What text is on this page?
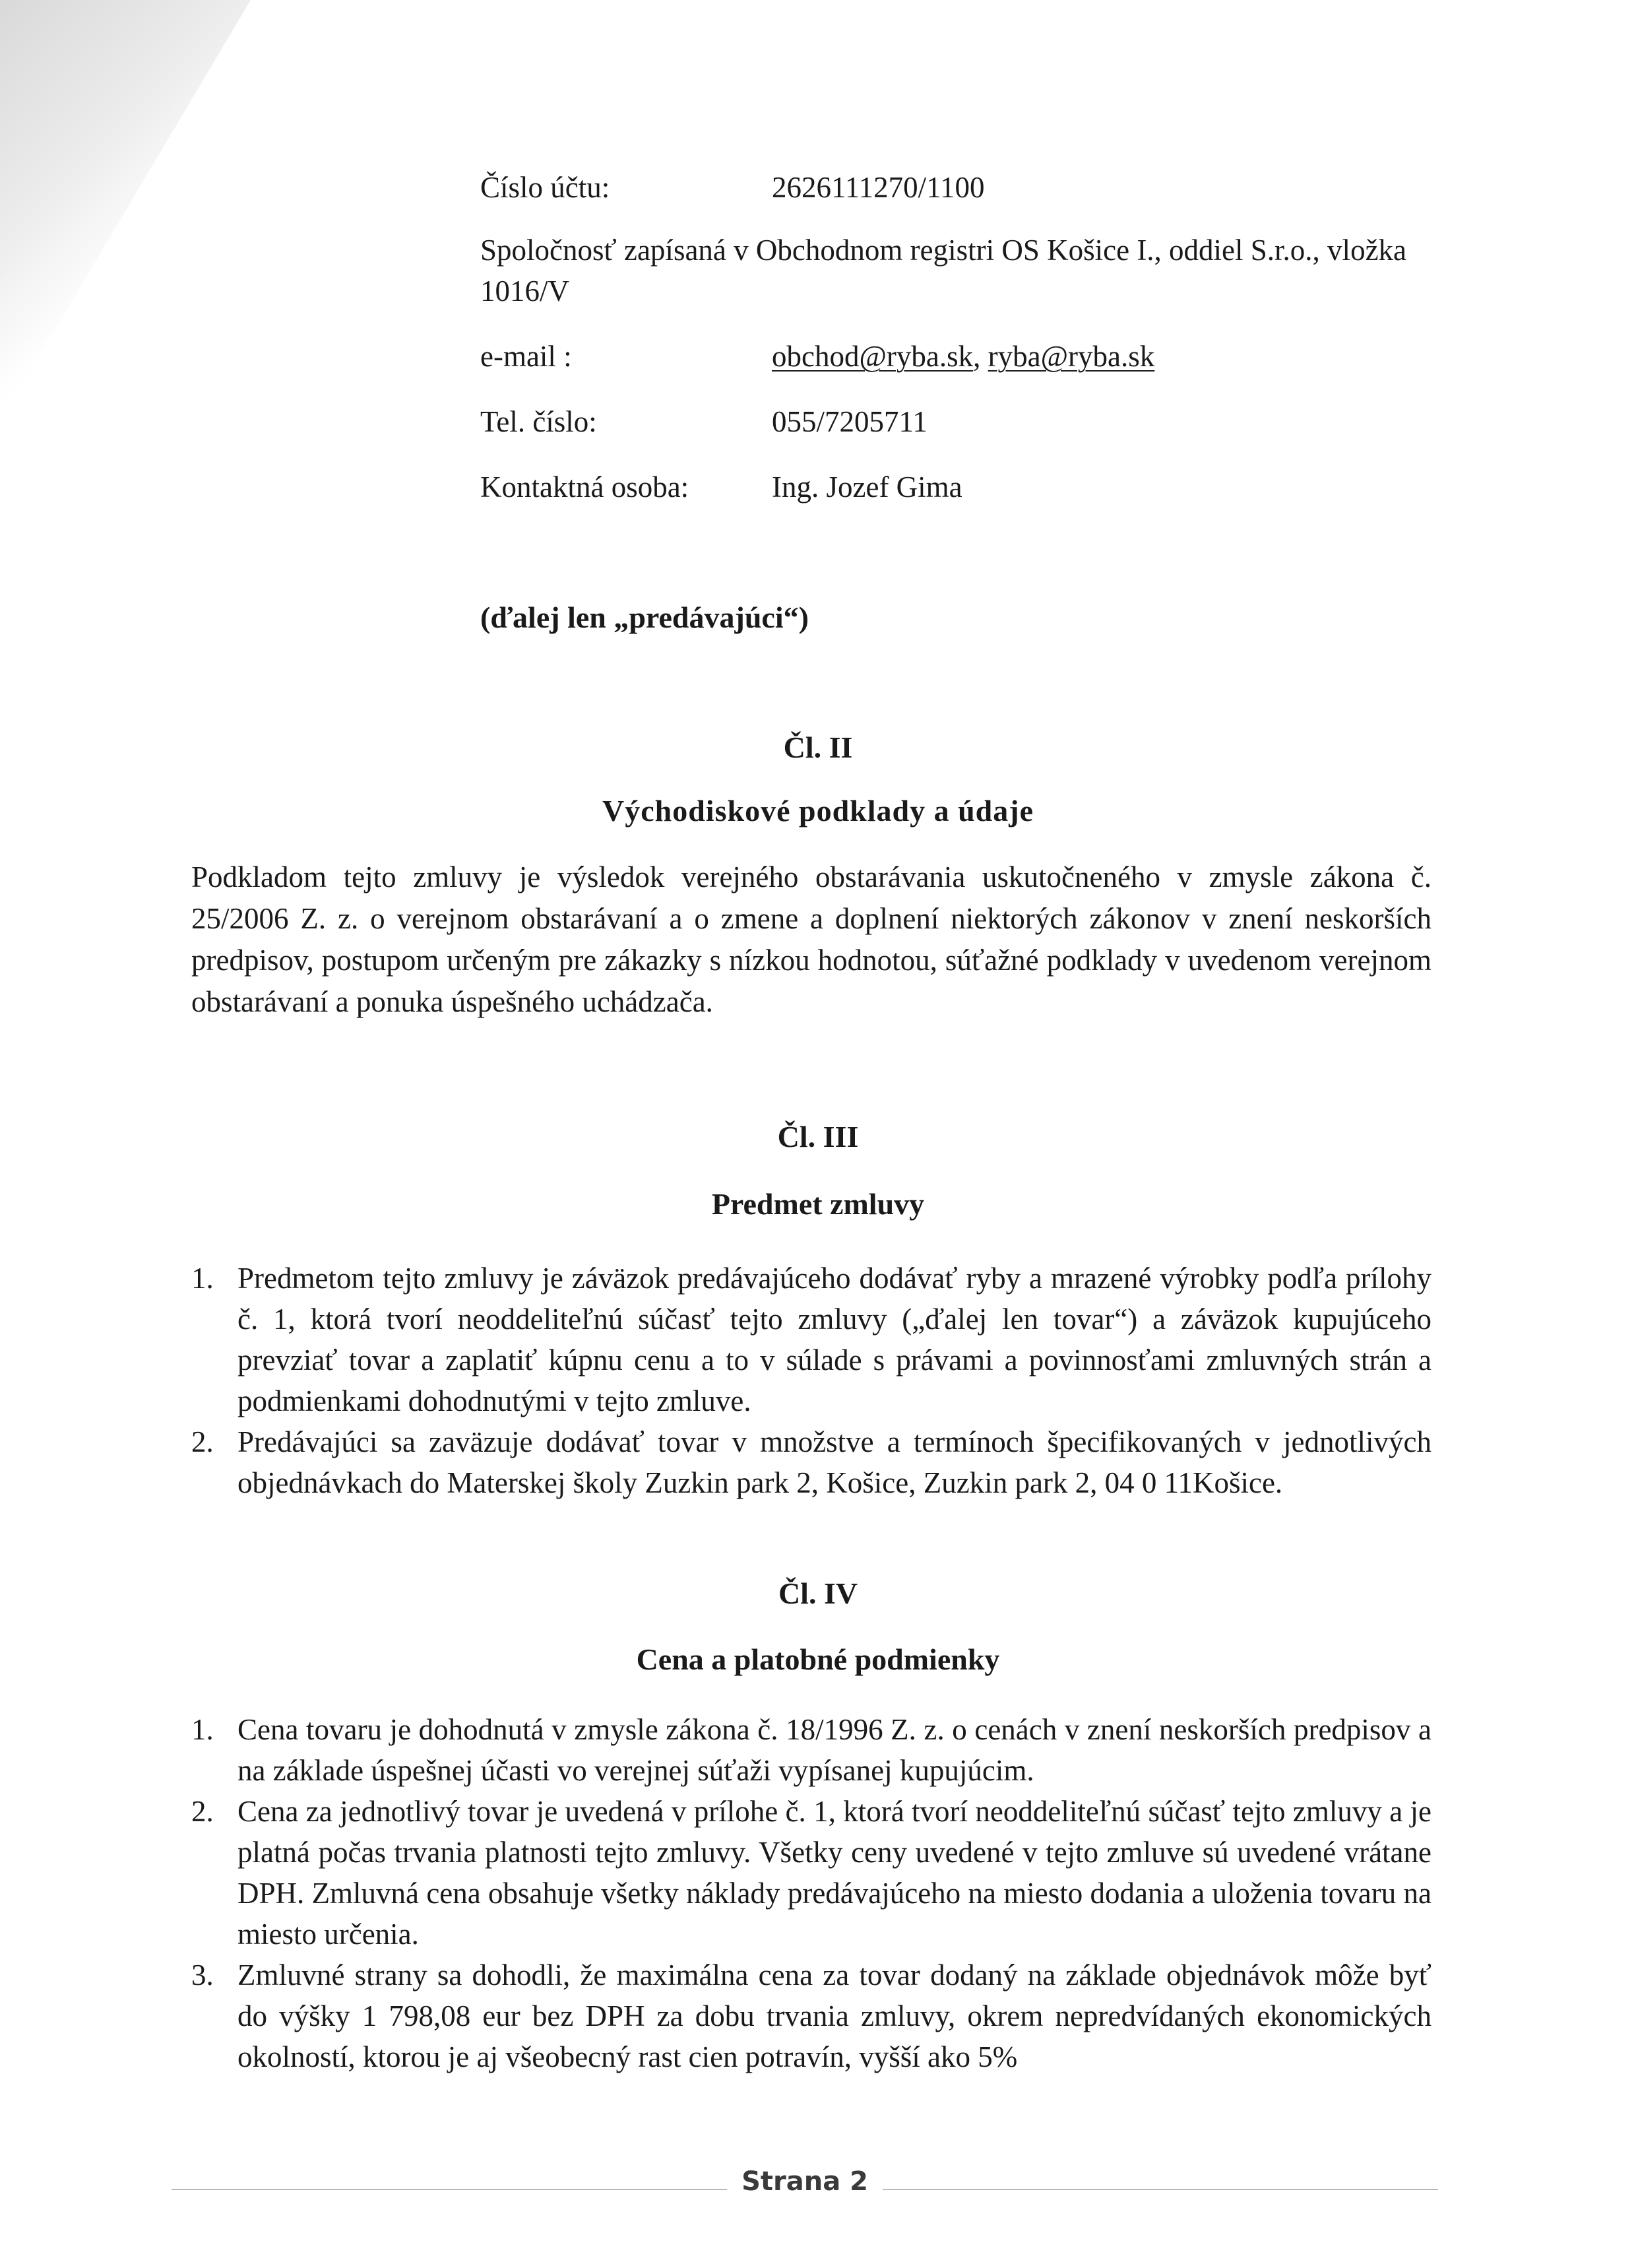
Číslo účtu:	2626111270/1100
Spoločnosť zapísaná v Obchodnom registri OS Košice I., oddiel S.r.o., vložka 1016/V
e-mail :	obchod@ryba.sk, ryba@ryba.sk
Tel. číslo:	055/7205711
Kontaktná osoba:	Ing. Jozef Gima
(ďalej len „predávajúci“)
Čl. II
Východiskové podklady a údaje
Podkladom tejto zmluvy je výsledok verejného obstarávania uskutočneného v zmysle zákona č. 25/2006 Z. z. o verejnom obstarávaní a o zmene a doplnení niektorých zákonov v znení neskorších predpisov, postupom určeným pre zákazky s nízkou hodnotou, súťažné podklady v uvedenom verejnom obstarávaní a ponuka úspešného uchádzača.
Čl. III
Predmet zmluvy
1. Predmetom tejto zmluvy je záväzok predávajúceho dodávať ryby a mrazené výrobky podľa prílohy č. 1, ktorá tvorí neoddeliteľnú súčasť tejto zmluvy („ďalej len tovar“) a záväzok kupujúceho prevziať tovar a zaplatiť kúpnu cenu a to v súlade s právami a povinnosťami zmluvných strán a podmienkami dohodnutými v tejto zmluve.
2. Predávajúci sa zaväzuje dodávať tovar v množstve a termínoch špecifikovaných v jednotlivých objednávkach do Materskej školy Zuzkin park 2, Košice, Zuzkin park 2, 04 0 11Košice.
Čl. IV
Cena a platobné podmienky
1. Cena tovaru je dohodnutá v zmysle zákona č. 18/1996 Z. z. o cenách v znení neskorších predpisov a na základe úspešnej účasti vo verejnej súťaži vypísanej kupujúcim.
2. Cena za jednotlivý tovar je uvedená v prílohe č. 1, ktorá tvorí neoddeliteľnú súčasť tejto zmluvy a je platná počas trvania platnosti tejto zmluvy. Všetky ceny uvedené v tejto zmluve sú uvedené vrátane DPH. Zmluvná cena obsahuje všetky náklady predávajúceho na miesto dodania a uloženia tovaru na miesto určenia.
3. Zmluvné strany sa dohodli, že maximálna cena za tovar dodaný na základe objednávok môže byť do výšky 1 798,08 eur bez DPH za dobu trvania zmluvy, okrem nepredvídaných ekonomických okolností, ktorou je aj všeobecný rast cien potravín, vyšší ako 5%
Strana 2
